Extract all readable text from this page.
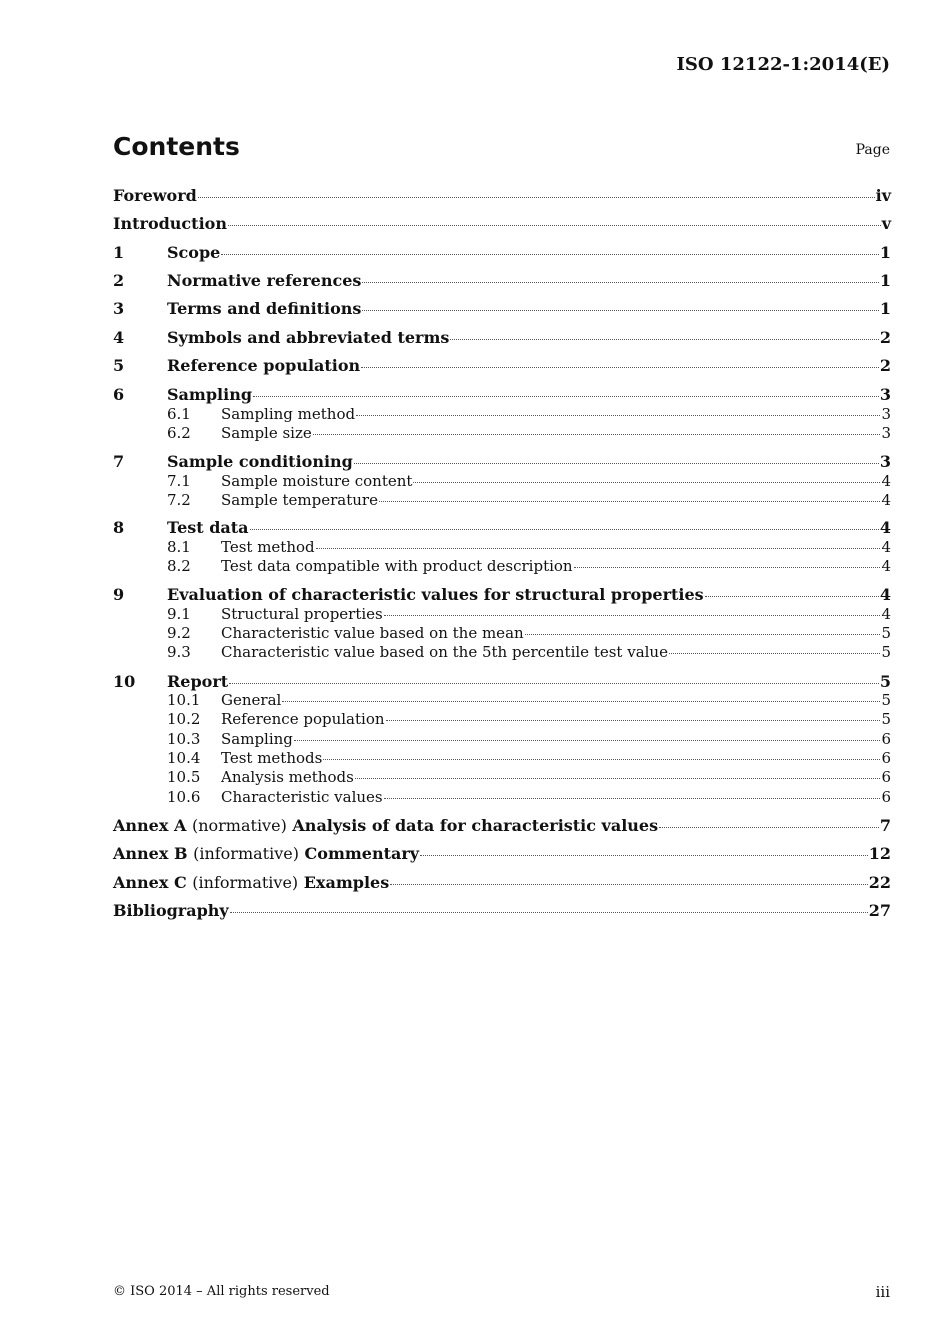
ISO 12122-1:2014(E)
Contents	Page
Foreword	iv
Introduction	v
1	Scope	1
2	Normative references	1
3	Terms and definitions	1
4	Symbols and abbreviated terms	2
5	Reference population	2
6	Sampling	3
6.1	Sampling method	3
6.2	Sample size	3
7	Sample conditioning	3
7.1	Sample moisture content	4
7.2	Sample temperature	4
8	Test data	4
8.1	Test method	4
8.2	Test data compatible with product description	4
9	Evaluation of characteristic values for structural properties	4
9.1	Structural properties	4
9.2	Characteristic value based on the mean	5
9.3	Characteristic value based on the 5th percentile test value	5
10	Report	5
10.1	General	5
10.2	Reference population	5
10.3	Sampling	6
10.4	Test methods	6
10.5	Analysis methods	6
10.6	Characteristic values	6
Annex A (normative) Analysis of data for characteristic values	7
Annex B (informative) Commentary	12
Annex C (informative) Examples	22
Bibliography	27
© ISO 2014 – All rights reserved	iii
